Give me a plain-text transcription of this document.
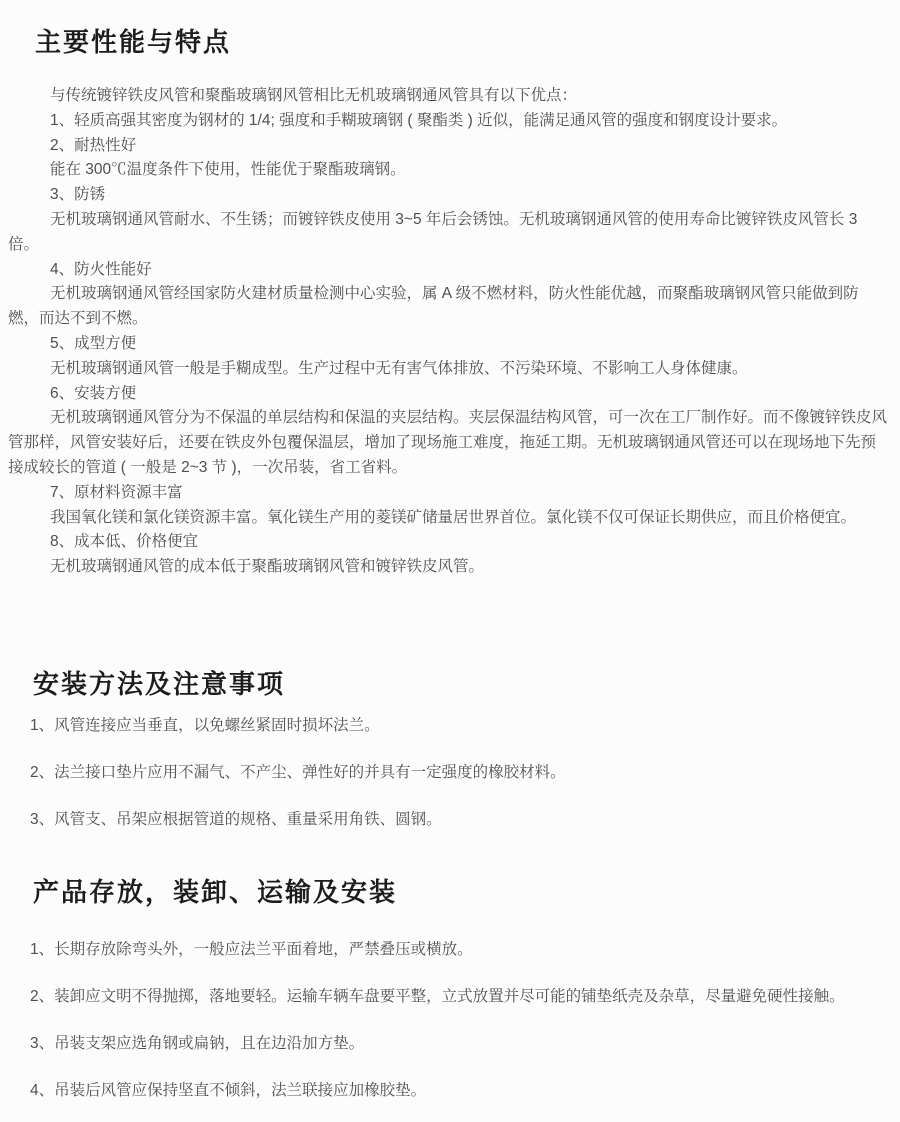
主要性能与特点

与传统镀锌铁皮风管和聚酯玻璃钢风管相比无机玻璃钢通风管具有以下优点：

1、轻质高强其密度为钢材的 1/4; 强度和手糊玻璃钢 ( 聚酯类 ) 近似，能满足通风管的强度和钢度设计要求。

2、耐热性好

能在 300℃温度条件下使用，性能优于聚酯玻璃钢。

3、防锈

无机玻璃钢通风管耐水、不生锈；而镀锌铁皮使用 3~5 年后会锈蚀。无机玻璃钢通风管的使用寿命比镀锌铁皮风管长 3 倍。

4、防火性能好

无机玻璃钢通风管经国家防火建材质量检测中心实验，属 A 级不燃材料，防火性能优越，而聚酯玻璃钢风管只能做到防燃，而达不到不燃。

5、成型方便

无机玻璃钢通风管一般是手糊成型。生产过程中无有害气体排放、不污染环境、不影响工人身体健康。

6、安装方便

无机玻璃钢通风管分为不保温的单层结构和保温的夹层结构。夹层保温结构风管，可一次在工厂制作好。而不像镀锌铁皮风管那样，风管安装好后，还要在铁皮外包覆保温层，增加了现场施工难度，拖延工期。无机玻璃钢通风管还可以在现场地下先预接成较长的管道 ( 一般是 2~3 节 )，一次吊装，省工省料。

7、原材料资源丰富

我国氧化镁和氯化镁资源丰富。氧化镁生产用的菱镁矿储量居世界首位。氯化镁不仅可保证长期供应，而且价格便宜。

8、成本低、价格便宜

无机玻璃钢通风管的成本低于聚酯玻璃钢风管和镀锌铁皮风管。

安装方法及注意事项

1、风管连接应当垂直，以免螺丝紧固时损坏法兰。

2、法兰接口垫片应用不漏气、不产尘、弹性好的并具有一定强度的橡胶材料。

3、风管支、吊架应根据管道的规格、重量采用角铁、圆钢。

产品存放，装卸、运输及安装

1、长期存放除弯头外，一般应法兰平面着地，严禁叠压或横放。

2、装卸应文明不得抛掷，落地要轻。运输车辆车盘要平整，立式放置并尽可能的铺垫纸壳及杂草，尽量避免硬性接触。

3、吊装支架应选角钢或扁钠，且在边沿加方垫。

4、吊装后风管应保持坚直不倾斜，法兰联接应加橡胶垫。
